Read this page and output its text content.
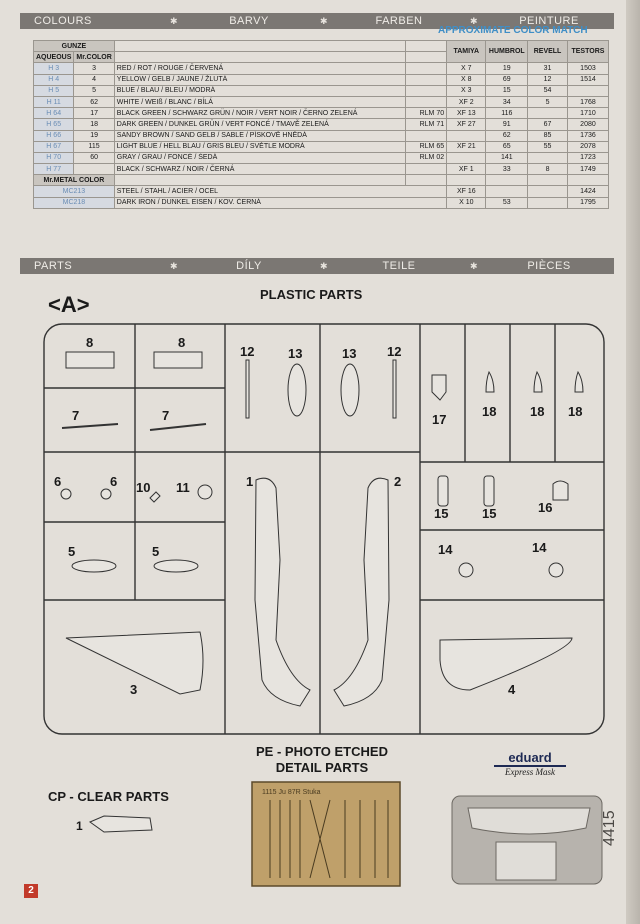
COLOURS	✱	BARVY	✱	FARBEN	✱	PEINTURE
APPROXIMATE COLOR MATCH
GUNZE				TAMIYA	HUMBROL	REVELL	TESTORS
AQUEOUS	Mr.COLOR						
H 3	3	RED / ROT / ROUGE / ČERVENÁ		X 7	19	31	1503
H 4	4	YELLOW / GELB / JAUNE / ŽLUTÁ		X 8	69	12	1514
H 5	5	BLUE / BLAU / BLEU / MODRÁ		X 3	15	54	
H 11	62	WHITE / WEIß / BLANC / BÍLÁ		XF 2	34	5	1768
H 64	17	BLACK GREEN / SCHWARZ GRÜN / NOIR / VERT NOIR / ČERNO ZELENÁ	RLM 70	XF 13	116		1710
H 65	18	DARK GREEN / DUNKEL GRÜN / VERT FONCÉ / TMAVĚ ZELENÁ	RLM 71	XF 27	91	67	2080
H 66	19	SANDY BROWN / SAND GELB / SABLE / PÍSKOVĚ HNĚDÁ			62	85	1736
H 67	115	LIGHT BLUE / HELL BLAU / GRIS BLEU / SVĚTLE MODRÁ	RLM 65	XF 21	65	55	2078
H 70	60	GRAY / GRAU / FONCÉ / ŠEDÁ	RLM 02		141		1723
H 77		BLACK / SCHWARZ / NOIR / ČERNÁ		XF 1	33	8	1749
Mr.METAL COLOR							
MC213		STEEL / STAHL / ACIER / OCEL		XF 16			1424
MC218		DARK IRON / DUNKEL EISEN / KOV. ČERNÁ		X 10	53		1795
PARTS	✱	DÍLY	✱	TEILE	✱	PIÈCES
<A>	PLASTIC PARTS
8	8
12	13	13 12
7	7	17
18	18 18
6	6 10 11	1	2
15	15	16
5	5	14	14
3	4
1115 Ju 87R Stuka
4415
PE - PHOTO ETCHED
DETAIL PARTS
eduard
Express Mask
CP - CLEAR PARTS
1
2
